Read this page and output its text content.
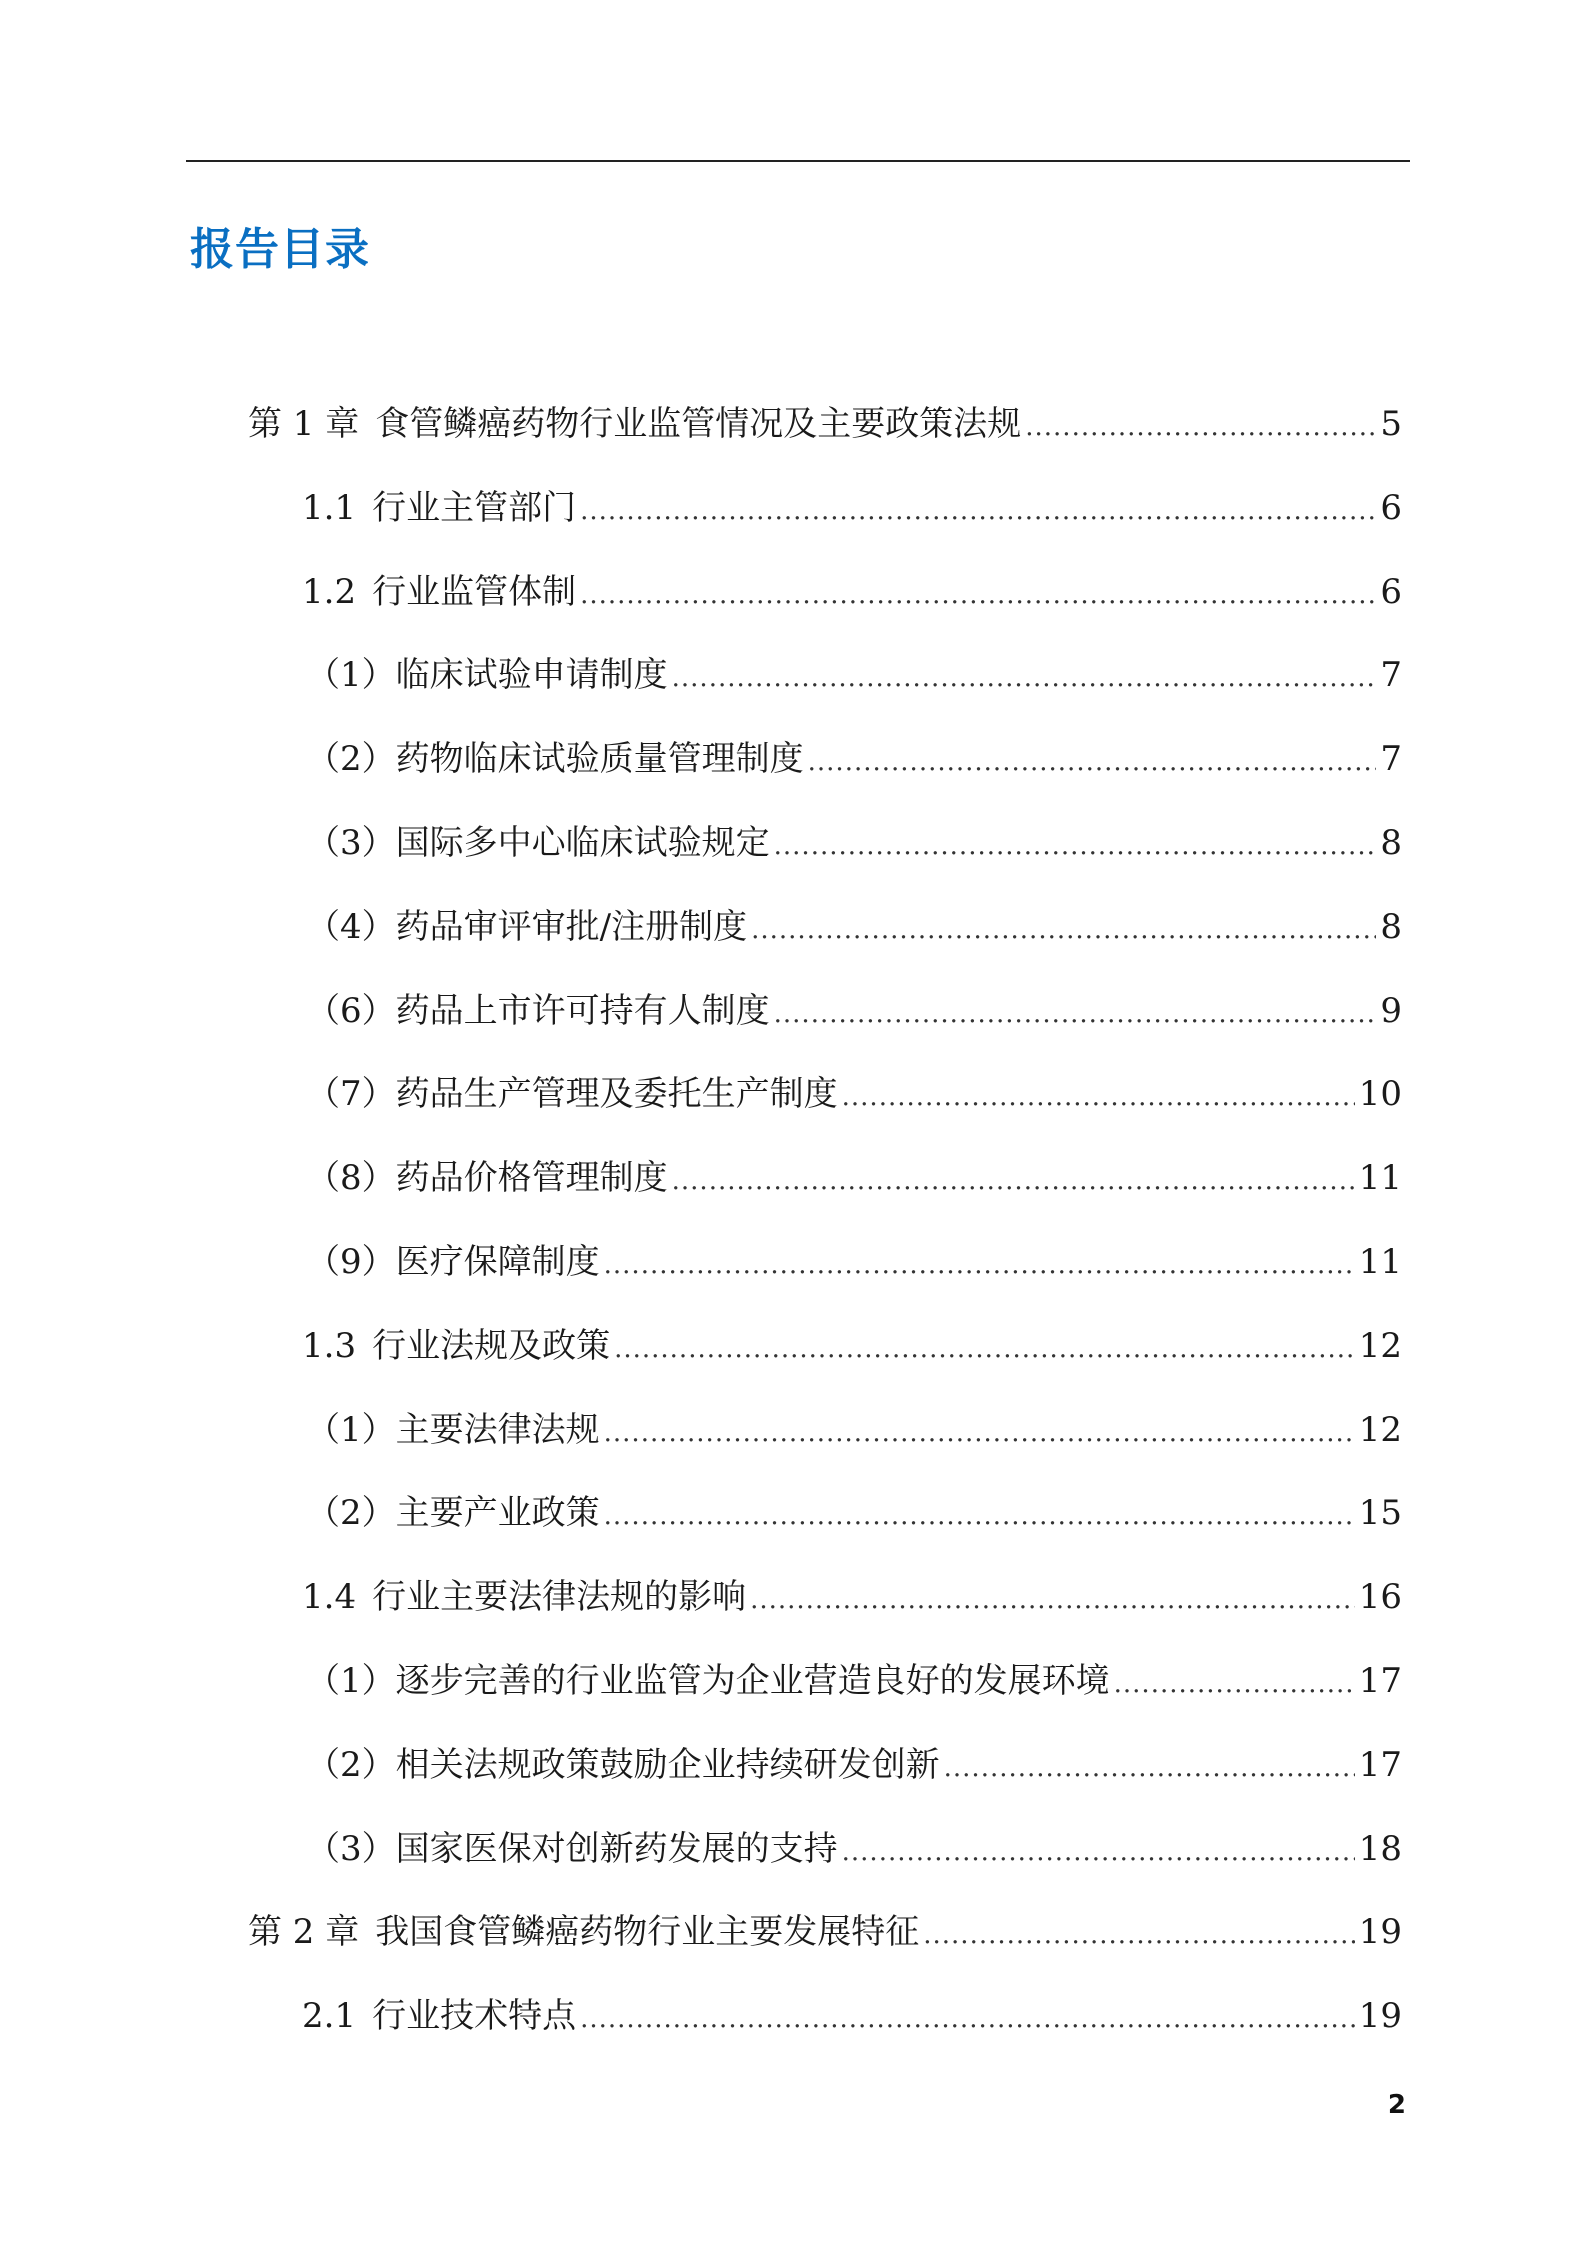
报告目录
第 1 章 食管鳞癌药物行业监管情况及主要政策法规 .....	5
1.1 行业主管部门 .....	6
1.2 行业监管体制 .....	6
（1）临床试验申请制度 .....	7
（2）药物临床试验质量管理制度 .....	7
（3）国际多中心临床试验规定 .....	8
（4）药品审评审批/注册制度 .....	8
（6）药品上市许可持有人制度 .....	9
（7）药品生产管理及委托生产制度 .....	10
（8）药品价格管理制度 .....	11
（9）医疗保障制度 .....	11
1.3 行业法规及政策 .....	12
（1）主要法律法规 .....	12
（2）主要产业政策 .....	15
1.4 行业主要法律法规的影响 .....	16
（1）逐步完善的行业监管为企业营造良好的发展环境 .....	17
（2）相关法规政策鼓励企业持续研发创新 .....	17
（3）国家医保对创新药发展的支持 .....	18
第 2 章 我国食管鳞癌药物行业主要发展特征 .....	19
2.1 行业技术特点 .....	19
2
